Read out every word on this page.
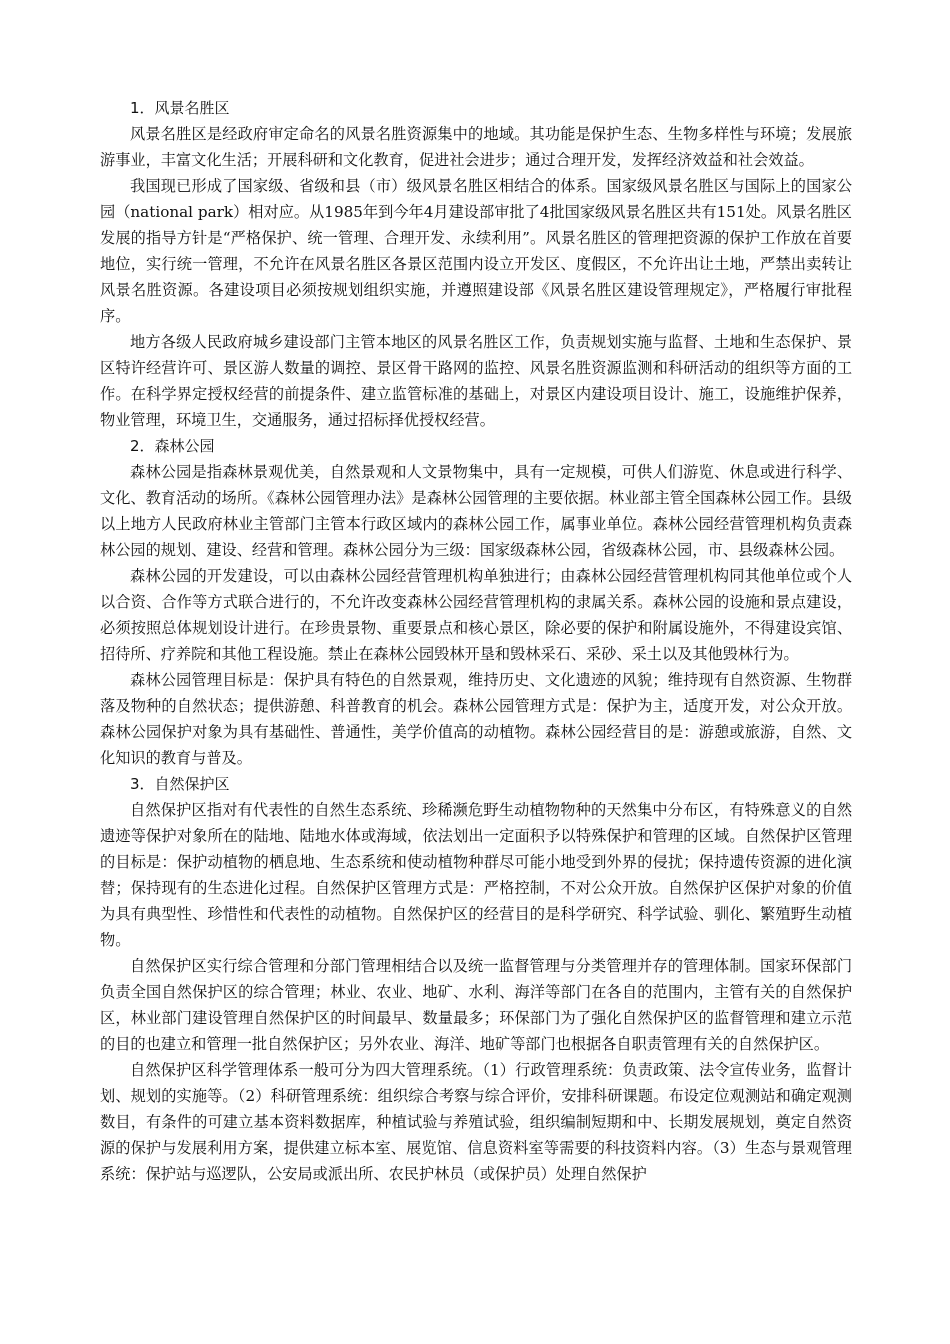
1．风景名胜区

风景名胜区是经政府审定命名的风景名胜资源集中的地域。其功能是保护生态、生物多样性与环境；发展旅游事业，丰富文化生活；开展科研和文化教育，促进社会进步；通过合理开发，发挥经济效益和社会效益。

我国现已形成了国家级、省级和县（市）级风景名胜区相结合的体系。国家级风景名胜区与国际上的国家公园（national park）相对应。从1985年到今年4月建设部审批了4批国家级风景名胜区共有151处。风景名胜区发展的指导方针是“严格保护、统一管理、合理开发、永续利用”。风景名胜区的管理把资源的保护工作放在首要地位，实行统一管理，不允许在风景名胜区各景区范围内设立开发区、度假区，不允许出让土地，严禁出卖转让风景名胜资源。各建设项目必须按规划组织实施，并遵照建设部《风景名胜区建设管理规定》，严格履行审批程序。

地方各级人民政府城乡建设部门主管本地区的风景名胜区工作，负责规划实施与监督、土地和生态保护、景区特许经营许可、景区游人数量的调控、景区骨干路网的监控、风景名胜资源监测和科研活动的组织等方面的工作。在科学界定授权经营的前提条件、建立监管标准的基础上，对景区内建设项目设计、施工，设施维护保养，物业管理，环境卫生，交通服务，通过招标择优授权经营。

2．森林公园

森林公园是指森林景观优美，自然景观和人文景物集中，具有一定规模，可供人们游览、休息或进行科学、文化、教育活动的场所。《森林公园管理办法》是森林公园管理的主要依据。林业部主管全国森林公园工作。县级以上地方人民政府林业主管部门主管本行政区域内的森林公园工作，属事业单位。森林公园经营管理机构负责森林公园的规划、建设、经营和管理。森林公园分为三级：国家级森林公园，省级森林公园，市、县级森林公园。

森林公园的开发建设，可以由森林公园经营管理机构单独进行；由森林公园经营管理机构同其他单位或个人以合资、合作等方式联合进行的，不允许改变森林公园经营管理机构的隶属关系。森林公园的设施和景点建设，必须按照总体规划设计进行。在珍贵景物、重要景点和核心景区，除必要的保护和附属设施外，不得建设宾馆、招待所、疗养院和其他工程设施。禁止在森林公园毁林开垦和毁林采石、采砂、采土以及其他毁林行为。

森林公园管理目标是：保护具有特色的自然景观，维持历史、文化遗迹的风貌；维持现有自然资源、生物群落及物种的自然状态；提供游憩、科普教育的机会。森林公园管理方式是：保护为主，适度开发，对公众开放。森林公园保护对象为具有基础性、普通性，美学价值高的动植物。森林公园经营目的是：游憩或旅游，自然、文化知识的教育与普及。

3．自然保护区

自然保护区指对有代表性的自然生态系统、珍稀濒危野生动植物物种的天然集中分布区，有特殊意义的自然遗迹等保护对象所在的陆地、陆地水体或海域，依法划出一定面积予以特殊保护和管理的区域。自然保护区管理的目标是：保护动植物的栖息地、生态系统和使动植物种群尽可能小地受到外界的侵扰；保持遗传资源的进化演替；保持现有的生态进化过程。自然保护区管理方式是：严格控制，不对公众开放。自然保护区保护对象的价值为具有典型性、珍惜性和代表性的动植物。自然保护区的经营目的是科学研究、科学试验、驯化、繁殖野生动植物。

自然保护区实行综合管理和分部门管理相结合以及统一监督管理与分类管理并存的管理体制。国家环保部门负责全国自然保护区的综合管理；林业、农业、地矿、水利、海洋等部门在各自的范围内，主管有关的自然保护区，林业部门建设管理自然保护区的时间最早、数量最多；环保部门为了强化自然保护区的监督管理和建立示范的目的也建立和管理一批自然保护区；另外农业、海洋、地矿等部门也根据各自职责管理有关的自然保护区。

自然保护区科学管理体系一般可分为四大管理系统。（1）行政管理系统：负责政策、法令宣传业务，监督计划、规划的实施等。（2）科研管理系统：组织综合考察与综合评价，安排科研课题。布设定位观测站和确定观测数目，有条件的可建立基本资料数据库，种植试验与养殖试验，组织编制短期和中、长期发展规划，奠定自然资源的保护与发展利用方案，提供建立标本室、展览馆、信息资料室等需要的科技资料内容。（3）生态与景观管理系统：保护站与巡逻队，公安局或派出所、农民护林员（或保护员）处理自然保护
